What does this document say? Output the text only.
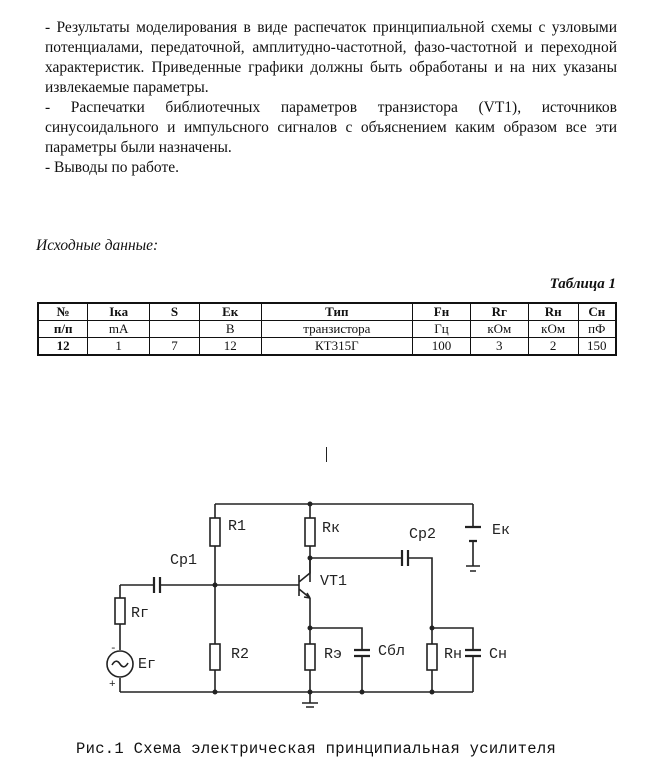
- Результаты моделирования в виде распечаток принципиальной схемы с узловыми потенциалами, передаточной, амплитудно-частотной, фазо-частотной и переходной характеристик. Приведенные графики должны быть обработаны и на них указаны извлекаемые параметры.

- Распечатки библиотечных параметров транзистора (VT1), источников синусоидального и импульсного сигналов с объяснением каким образом все эти параметры были назначены.

- Выводы по работе.

Исходные данные:
Таблица 1
№	Iка	S	Eк	Тип	Fн	Rг	Rн	Cн
п/п	mA		B	транзистора	Гц	кОм	кОм	пФ
12	1	7	12	КТ315Г	100	3	2	150
R1	Rк	Cp2	Eк
Cp1
VT1
Rг
R2	Rэ Cбл	Rн Cн
Eг
-
+
Рис.1 Схема электрическая принципиальная усилителя
